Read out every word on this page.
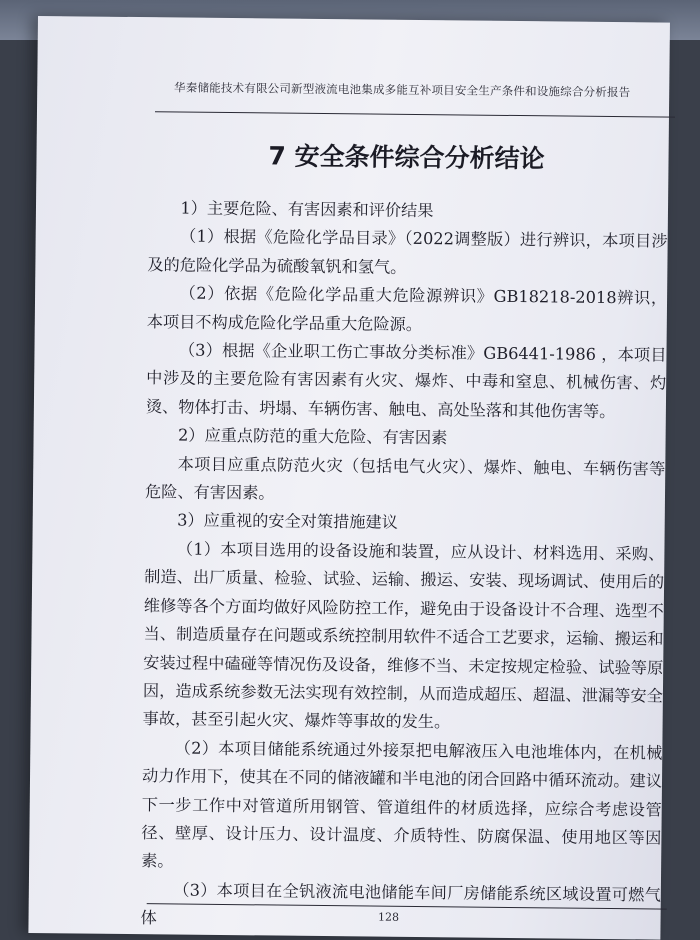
华秦储能技术有限公司新型液流电池集成多能互补项目安全生产条件和设施综合分析报告
7 安全条件综合分析结论

1）主要危险、有害因素和评价结果

（1）根据《危险化学品目录》（2022调整版）进行辨识，本项目涉及的危险化学品为硫酸氧钒和氢气。

（2）依据《危险化学品重大危险源辨识》GB18218-2018辨识，本项目不构成危险化学品重大危险源。

（3）根据《企业职工伤亡事故分类标准》GB6441-1986 ，本项目中涉及的主要危险有害因素有火灾、爆炸、中毒和窒息、机械伤害、灼烫、物体打击、坍塌、车辆伤害、触电、高处坠落和其他伤害等。

2）应重点防范的重大危险、有害因素

本项目应重点防范火灾（包括电气火灾）、爆炸、触电、车辆伤害等危险、有害因素。

3）应重视的安全对策措施建议

（1）本项目选用的设备设施和装置，应从设计、材料选用、采购、制造、出厂质量、检验、试验、运输、搬运、安装、现场调试、使用后的维修等各个方面均做好风险防控工作，避免由于设备设计不合理、选型不当、制造质量存在问题或系统控制用软件不适合工艺要求，运输、搬运和安装过程中磕碰等情况伤及设备，维修不当、未定按规定检验、试验等原因，造成系统参数无法实现有效控制，从而造成超压、超温、泄漏等安全事故，甚至引起火灾、爆炸等事故的发生。

（2）本项目储能系统通过外接泵把电解液压入电池堆体内，在机械动力作用下，使其在不同的储液罐和半电池的闭合回路中循环流动。建议下一步工作中对管道所用钢管、管道组件的材质选择，应综合考虑设管径、壁厚、设计压力、设计温度、介质特性、防腐保温、使用地区等因素。

（3）本项目在全钒液流电池储能车间厂房储能系统区域设置可燃气体	128
